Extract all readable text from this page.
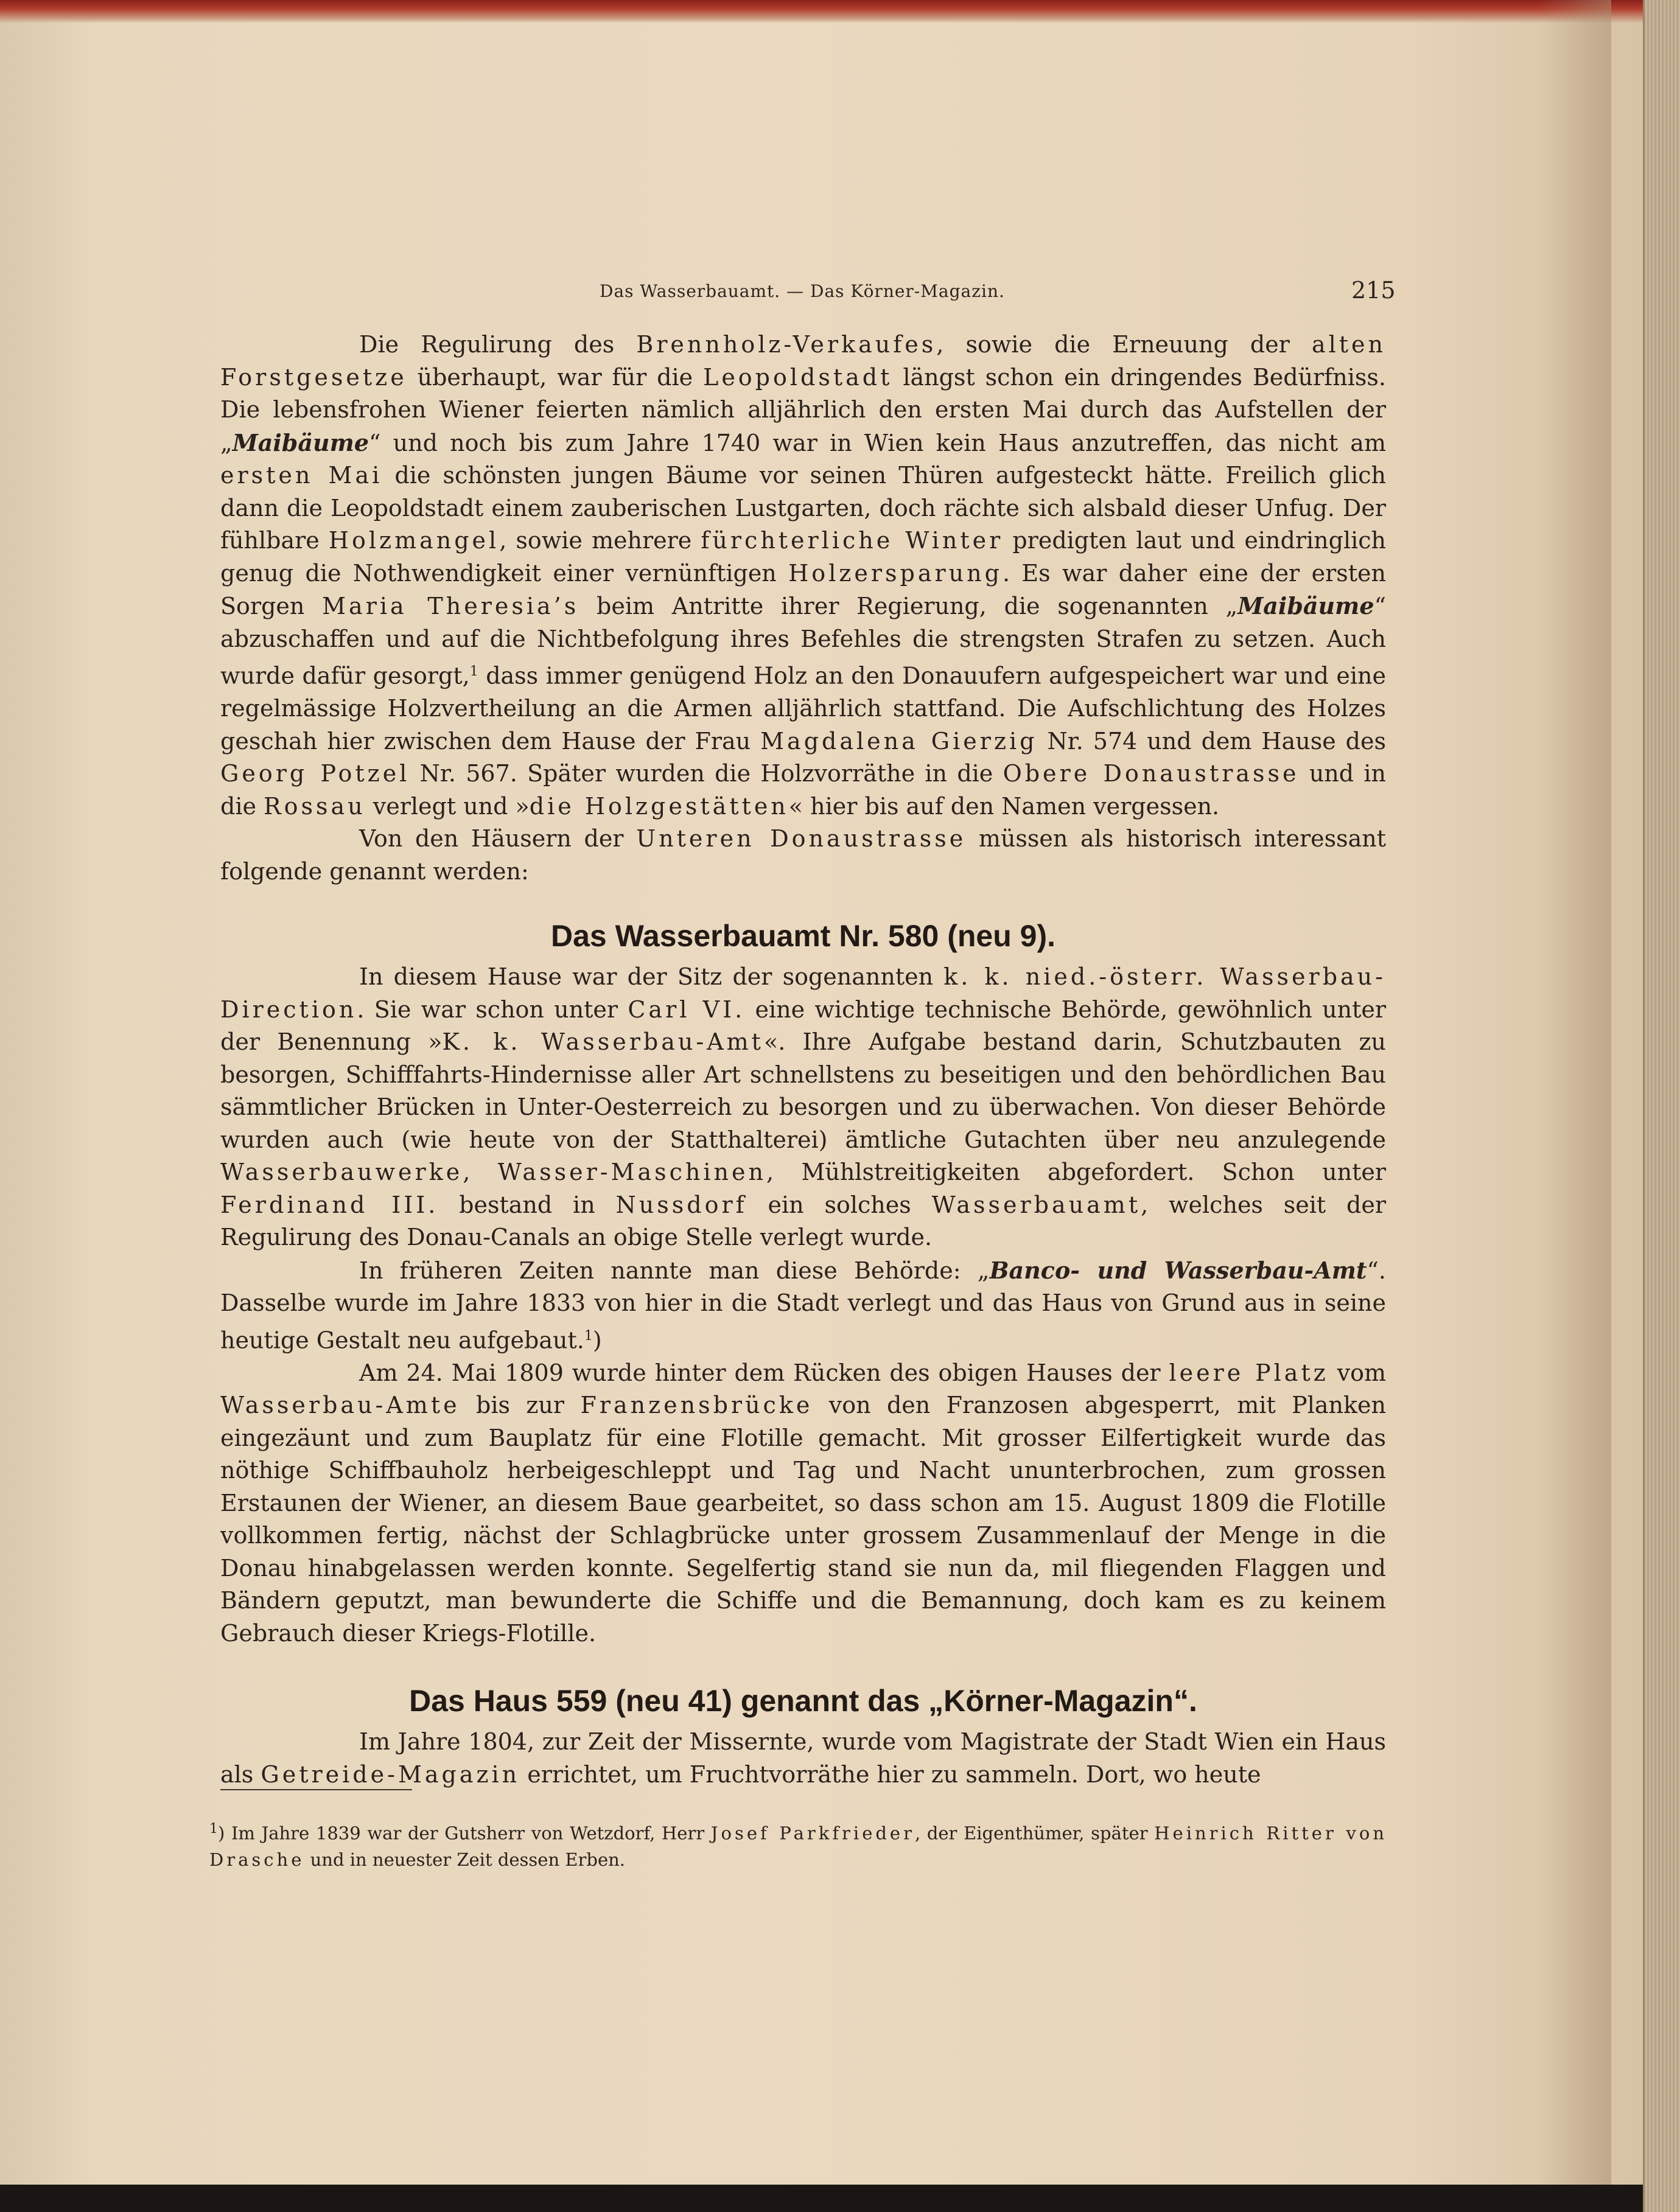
Das Wasserbauamt. — Das Körner-Magazin.	215

Die Regulirung des Brennholz-Verkaufes, sowie die Erneuung der alten Forstgesetze überhaupt, war für die Leopoldstadt längst schon ein dringendes Bedürfniss. Die lebensfrohen Wiener feierten nämlich alljährlich den ersten Mai durch das Aufstellen der „Maibäume“ und noch bis zum Jahre 1740 war in Wien kein Haus anzutreffen, das nicht am ersten Mai die schönsten jungen Bäume vor seinen Thüren aufgesteckt hätte. Freilich glich dann die Leopoldstadt einem zauberischen Lustgarten, doch rächte sich alsbald dieser Unfug. Der fühlbare Holzmangel, sowie mehrere fürchterliche Winter predigten laut und eindringlich genug die Nothwendigkeit einer vernünftigen Holzersparung. Es war daher eine der ersten Sorgen Maria Theresia’s beim Antritte ihrer Regierung, die sogenannten „Maibäume“ abzuschaffen und auf die Nichtbefolgung ihres Befehles die strengsten Strafen zu setzen. Auch wurde dafür gesorgt,$^1$ dass immer genügend Holz an den Donauufern aufgespeichert war und eine regelmässige Holzvertheilung an die Armen alljährlich stattfand. Die Aufschlichtung des Holzes geschah hier zwischen dem Hause der Frau Magdalena Gierzig Nr. 574 und dem Hause des Georg Potzel Nr. 567. Später wurden die Holzvorräthe in die Obere Donaustrasse und in die Rossau verlegt und »die Holzgestätten« hier bis auf den Namen vergessen.

Von den Häusern der Unteren Donaustrasse müssen als historisch interessant folgende genannt werden:

Das Wasserbauamt Nr. 580 (neu 9).

In diesem Hause war der Sitz der sogenannten k. k. nied.-österr. Wasserbau-Direction. Sie war schon unter Carl VI. eine wichtige technische Behörde, gewöhnlich unter der Benennung »K. k. Wasserbau-Amt«. Ihre Aufgabe bestand darin, Schutzbauten zu besorgen, Schifffahrts-Hindernisse aller Art schnellstens zu beseitigen und den behördlichen Bau sämmtlicher Brücken in Unter-Oesterreich zu besorgen und zu überwachen. Von dieser Behörde wurden auch (wie heute von der Statthalterei) ämtliche Gutachten über neu anzulegende Wasserbauwerke, Wasser-Maschinen, Mühlstreitigkeiten abgefordert. Schon unter Ferdinand III. bestand in Nussdorf ein solches Wasserbauamt, welches seit der Regulirung des Donau-Canals an obige Stelle verlegt wurde.

In früheren Zeiten nannte man diese Behörde: „Banco- und Wasserbau-Amt“. Dasselbe wurde im Jahre 1833 von hier in die Stadt verlegt und das Haus von Grund aus in seine heutige Gestalt neu aufgebaut.$^1$)

Am 24. Mai 1809 wurde hinter dem Rücken des obigen Hauses der leere Platz vom Wasserbau-Amte bis zur Franzensbrücke von den Franzosen abgesperrt, mit Planken eingezäunt und zum Bauplatz für eine Flotille gemacht. Mit grosser Eilfertigkeit wurde das nöthige Schiffbauholz herbeigeschleppt und Tag und Nacht ununterbrochen, zum grossen Erstaunen der Wiener, an diesem Baue gearbeitet, so dass schon am 15. August 1809 die Flotille vollkommen fertig, nächst der Schlagbrücke unter grossem Zusammenlauf der Menge in die Donau hinabgelassen werden konnte. Segelfertig stand sie nun da, mil fliegenden Flaggen und Bändern geputzt, man bewunderte die Schiffe und die Bemannung, doch kam es zu keinem Gebrauch dieser Kriegs-Flotille.

Das Haus 559 (neu 41) genannt das „Körner-Magazin“.

Im Jahre 1804, zur Zeit der Missernte, wurde vom Magistrate der Stadt Wien ein Haus als Getreide-Magazin errichtet, um Fruchtvorräthe hier zu sammeln. Dort, wo heute

$^1$) Im Jahre 1839 war der Gutsherr von Wetzdorf, Herr Josef Parkfrieder, der Eigenthümer, später Heinrich Ritter von Drasche und in neuester Zeit dessen Erben.
